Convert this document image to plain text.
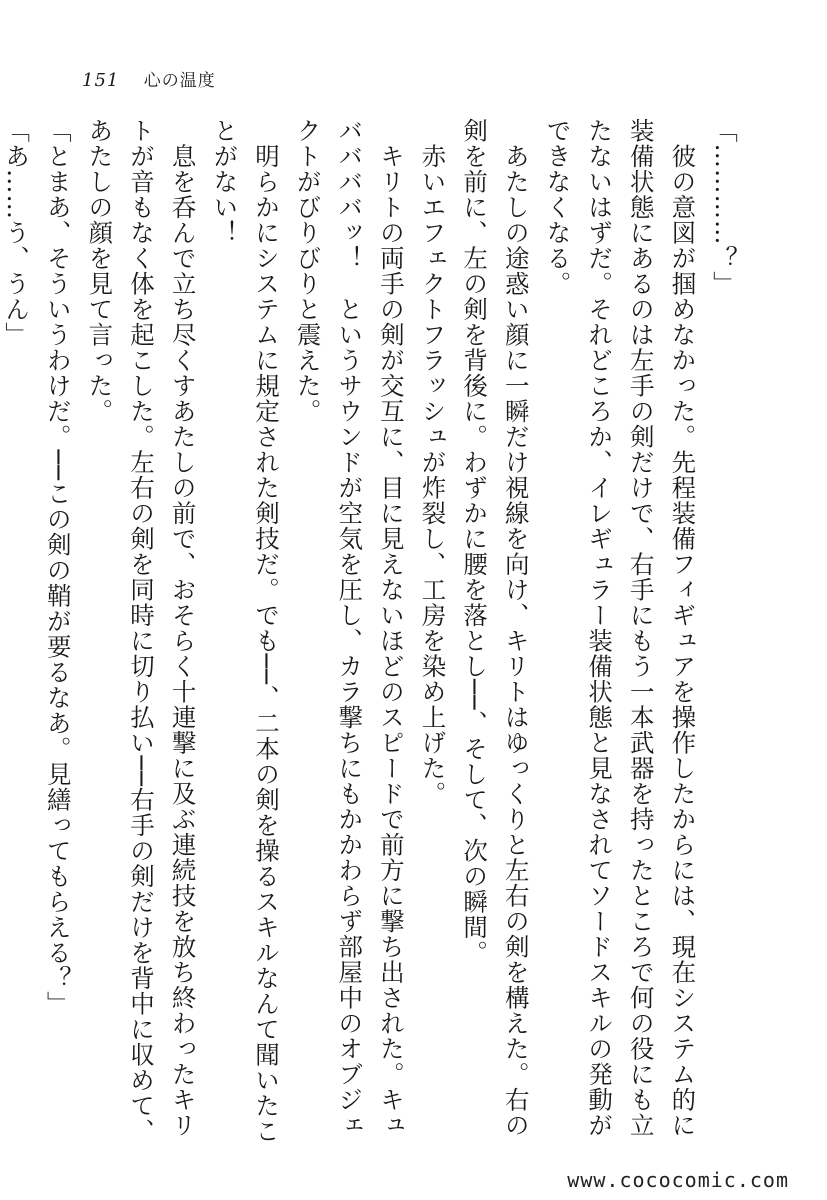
151 心の温度

「…………？」

　彼の意図が掴めなかった。先程装備フィギュアを操作したからには、現在システム的に装備状態にあるのは左手の剣だけで、右手にもう一本武器を持ったところで何の役にも立たないはずだ。それどころか、イレギュラー装備状態と見なされてソードスキルの発動ができなくなる。

　あたしの途惑い顔に一瞬だけ視線を向け、キリトはゆっくりと左右の剣を構えた。右の剣を前に、左の剣を背後に。わずかに腰を落とし──、そして、次の瞬間。

　赤いエフェクトフラッシュが炸裂し、工房を染め上げた。

　キリトの両手の剣が交互に、目に見えないほどのスピードで前方に撃ち出された。キュババババッ！　というサウンドが空気を圧し、カラ撃ちにもかかわらず部屋中のオブジェクトがびりびりと震えた。

　明らかにシステムに規定された剣技だ。でも──、二本の剣を操るスキルなんて聞いたことがない！

　息を呑んで立ち尽くすあたしの前で、おそらく十連撃に及ぶ連続技を放ち終わったキリトが音もなく体を起こした。左右の剣を同時に切り払い──右手の剣だけを背中に収めて、あたしの顔を見て言った。

「とまあ、そういうわけだ。──この剣の鞘が要るなあ。見繕ってもらえる？」

「あ……う、うん」

www.cococomic.com
